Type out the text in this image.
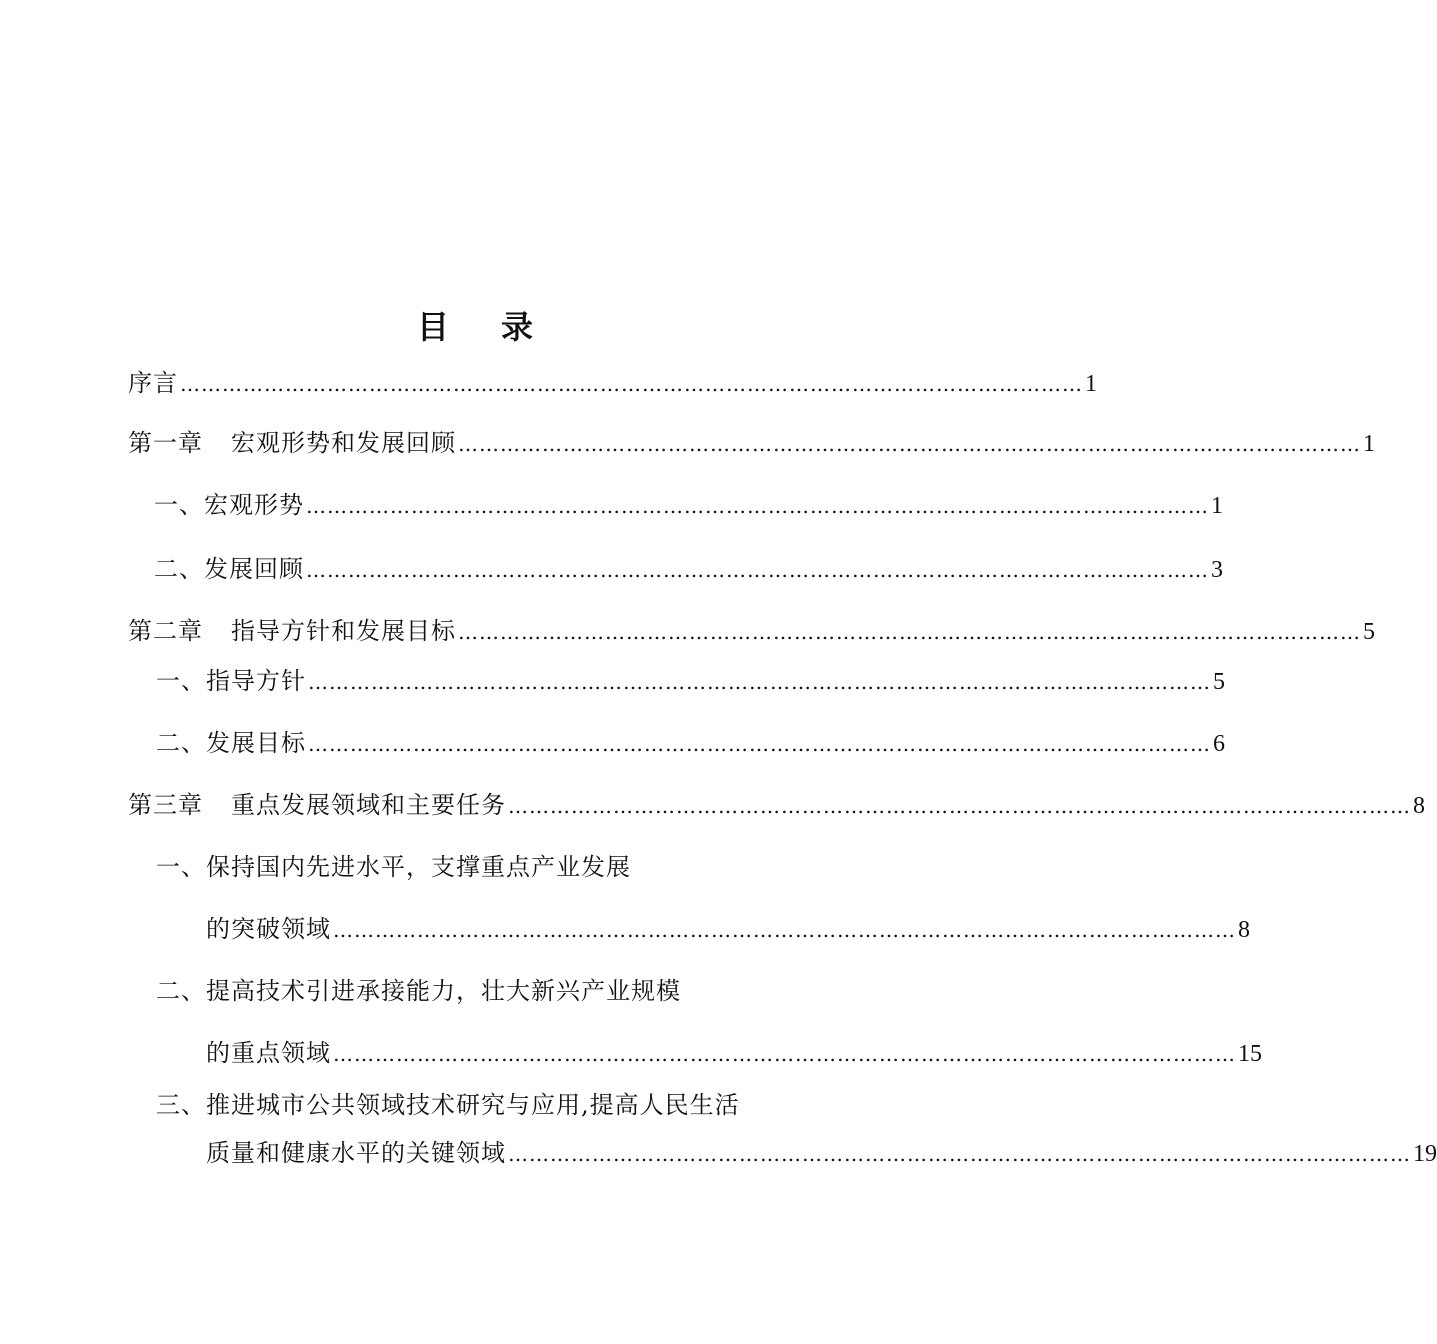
目 录
序言 ………………………………………………………………………………………………………………… 1
第一章 宏观形势和发展回顾 ………………………………………………………………………………………………………………… 1
一、宏观形势 ………………………………………………………………………………………………………………… 1
二、发展回顾 ………………………………………………………………………………………………………………… 3
第二章 指导方针和发展目标 ………………………………………………………………………………………………………………… 5
一、指导方针 ………………………………………………………………………………………………………………… 5
二、发展目标 ………………………………………………………………………………………………………………… 6
第三章 重点发展领域和主要任务 ………………………………………………………………………………………………………………… 8
一、保持国内先进水平，支撑重点产业发展
的突破领域 ………………………………………………………………………………………………………………… 8
二、提高技术引进承接能力，壮大新兴产业规模
的重点领域 ………………………………………………………………………………………………………………… 15
三、推进城市公共领域技术研究与应用,提高人民生活
质量和健康水平的关键领域 ………………………………………………………………………………………………………………… 19
